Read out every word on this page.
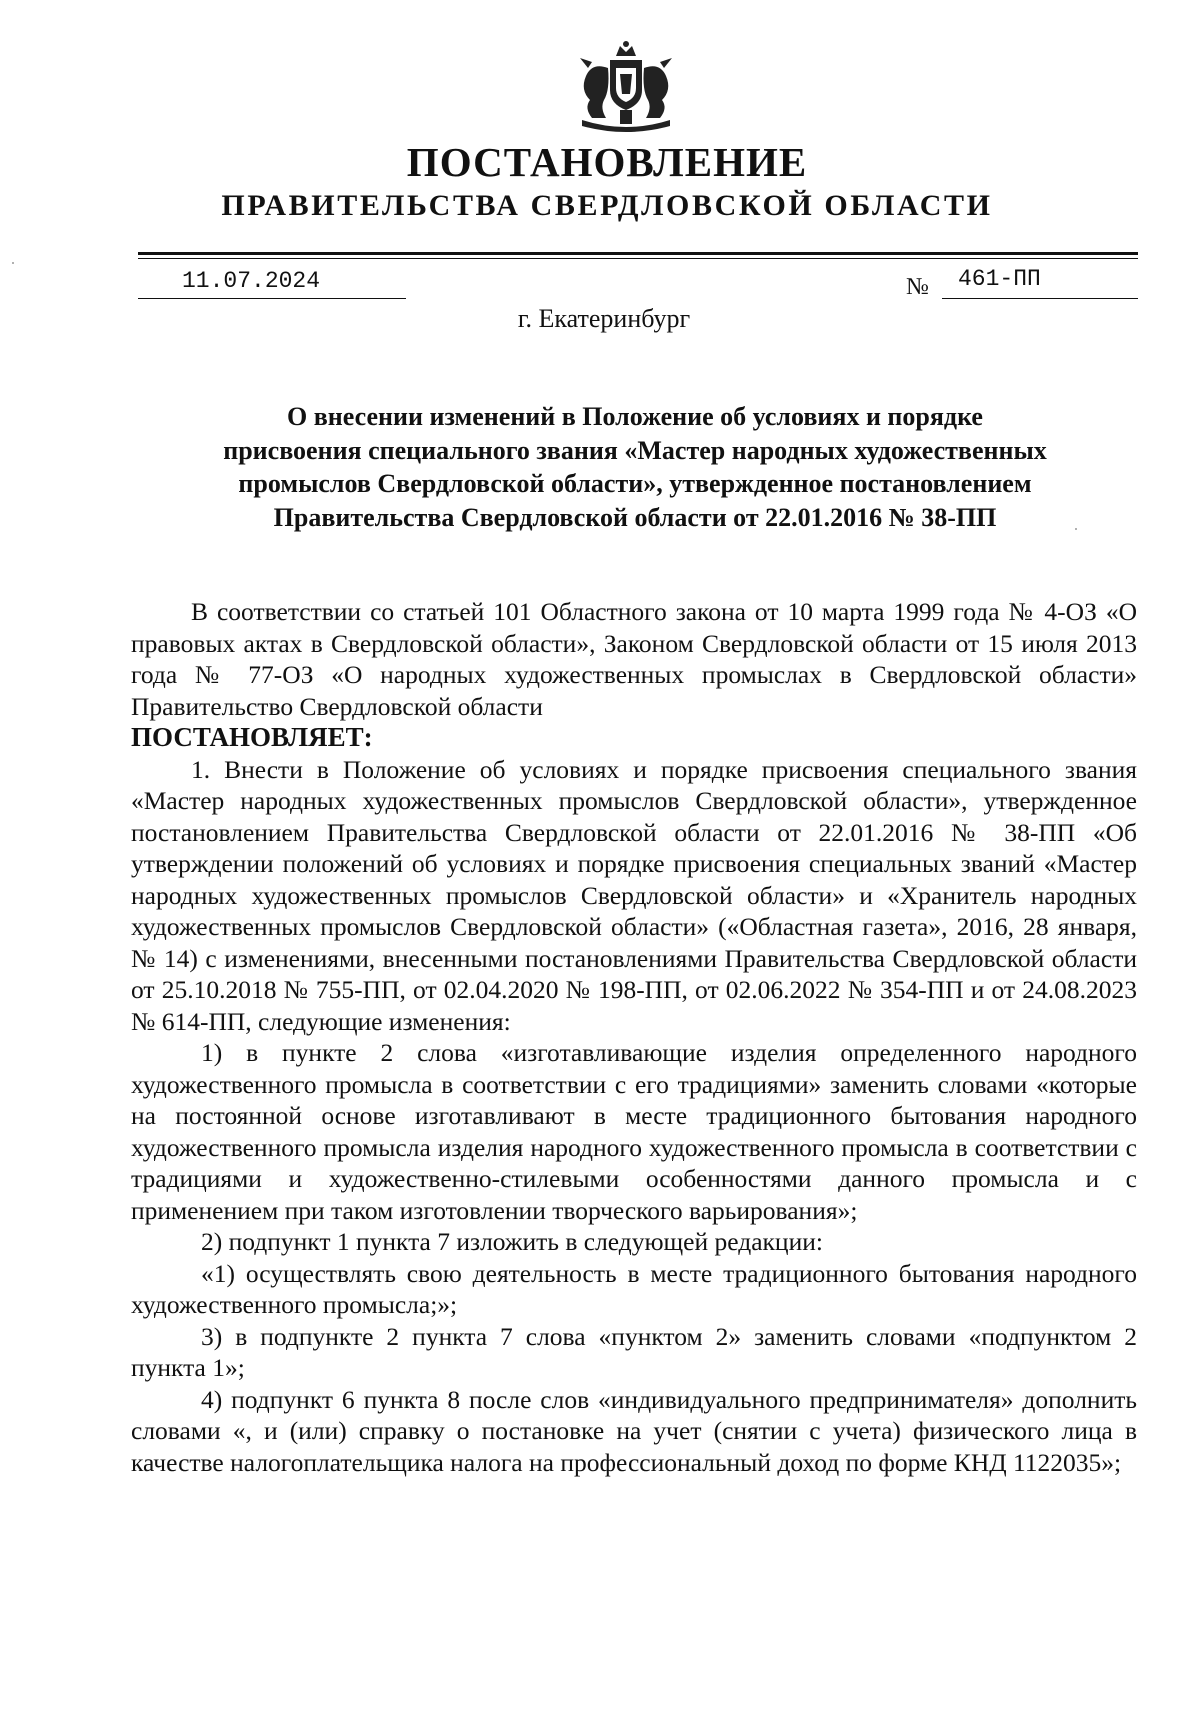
ПОСТАНОВЛЕНИЕ
ПРАВИТЕЛЬСТВА СВЕРДЛОВСКОЙ ОБЛАСТИ
11.07.2024	№ 461-ПП
г. Екатеринбург
О внесении изменений в Положение об условиях и порядке
присвоения специального звания «Мастер народных художественных
промыслов Свердловской области», утвержденное постановлением
Правительства Свердловской области от 22.01.2016 № 38-ПП

В соответствии со статьей 101 Областного закона от 10 марта 1999 года № 4-ОЗ «О правовых актах в Свердловской области», Законом Свердловской области от 15 июля 2013 года № 77-ОЗ «О народных художественных промыслах в Свердловской области» Правительство Свердловской области

ПОСТАНОВЛЯЕТ:

1. Внести в Положение об условиях и порядке присвоения специального звания «Мастер народных художественных промыслов Свердловской области», утвержденное постановлением Правительства Свердловской области от 22.01.2016 № 38-ПП «Об утверждении положений об условиях и порядке присвоения специальных званий «Мастер народных художественных промыслов Свердловской области» и «Хранитель народных художественных промыслов Свердловской области» («Областная газета», 2016, 28 января, № 14) с изменениями, внесенными постановлениями Правительства Свердловской области от 25.10.2018 № 755-ПП, от 02.04.2020 № 198-ПП, от 02.06.2022 № 354-ПП и от 24.08.2023 № 614-ПП, следующие изменения:

1) в пункте 2 слова «изготавливающие изделия определенного народного художественного промысла в соответствии с его традициями» заменить словами «которые на постоянной основе изготавливают в месте традиционного бытования народного художественного промысла изделия народного художественного промысла в соответствии с традициями и художественно-стилевыми особенностями данного промысла и с применением при таком изготовлении творческого варьирования»;

2) подпункт 1 пункта 7 изложить в следующей редакции:

«1) осуществлять свою деятельность в месте традиционного бытования народного художественного промысла;»;

3) в подпункте 2 пункта 7 слова «пунктом 2» заменить словами «подпунктом 2 пункта 1»;

4) подпункт 6 пункта 8 после слов «индивидуального предпринимателя» дополнить словами «, и (или) справку о постановке на учет (снятии с учета) физического лица в качестве налогоплательщика налога на профессиональный доход по форме КНД 1122035»;
